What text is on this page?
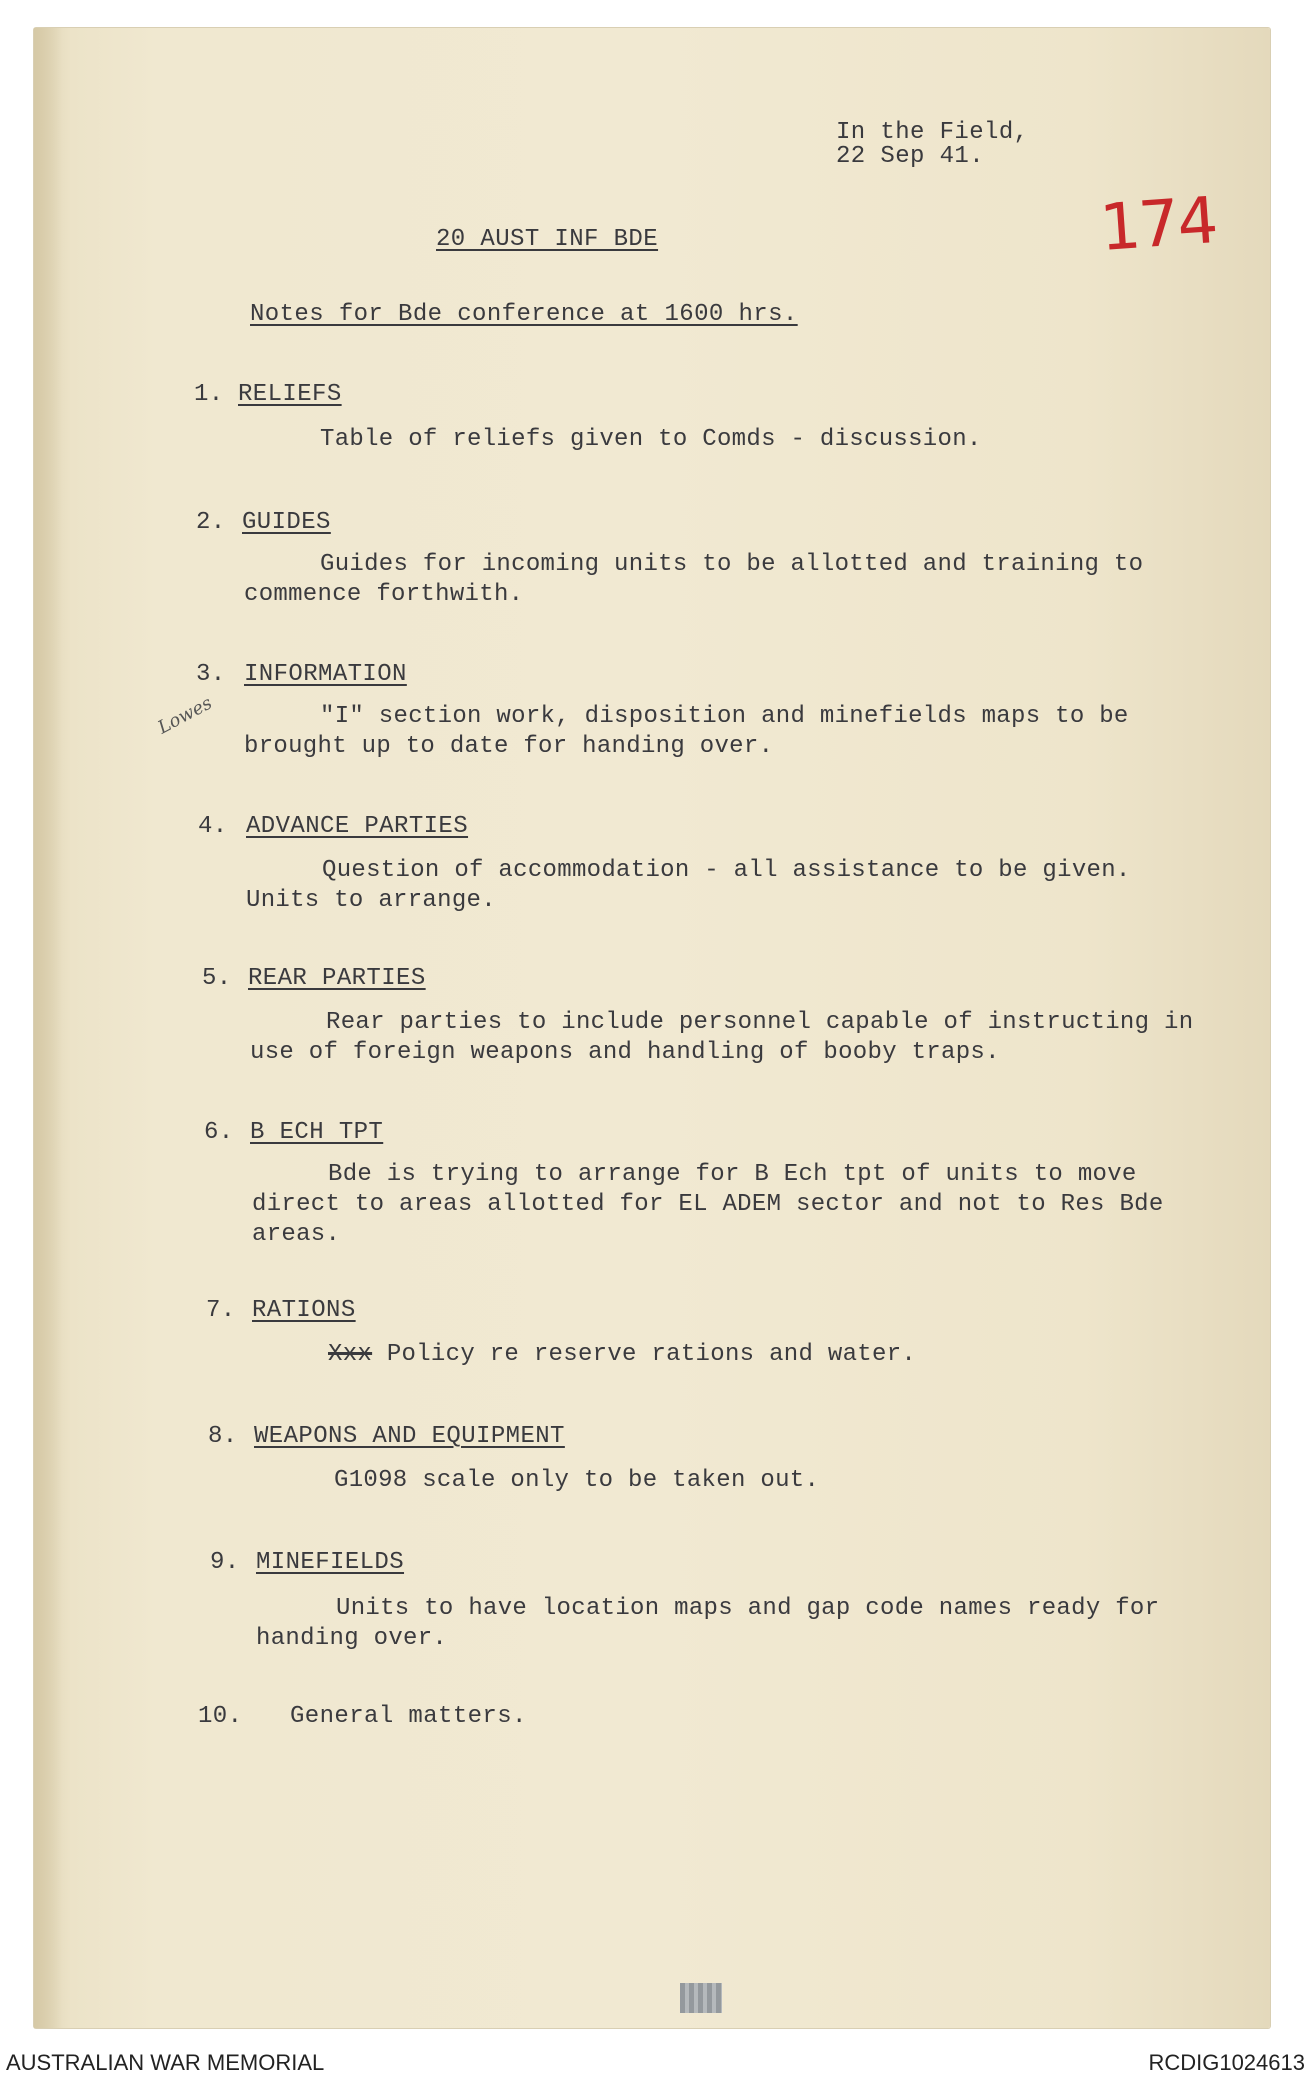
In the Field,
22 Sep 41.
174
20 AUST INF BDE
Notes for Bde conference at 1600 hrs.
Lowes
1. RELIEFS
Table of reliefs given to Comds - discussion.
2. GUIDES
Guides for incoming units to be allotted and training to commence forthwith.
3. INFORMATION
"I" section work, disposition and minefields maps to be brought up to date for handing over.
4. ADVANCE PARTIES
Question of accommodation - all assistance to be given. Units to arrange.
5. REAR PARTIES
Rear parties to include personnel capable of instructing in use of foreign weapons and handling of booby traps.
6. B ECH TPT
Bde is trying to arrange for B Ech tpt of units to move direct to areas allotted for EL ADEM sector and not to Res Bde areas.
7. RATIONS
Xxx Policy re reserve rations and water.
8. WEAPONS AND EQUIPMENT
G1098 scale only to be taken out.
9. MINEFIELDS
Units to have location maps and gap code names ready for handing over.
10. General matters.
AUSTRALIAN WAR MEMORIAL	RCDIG1024613
